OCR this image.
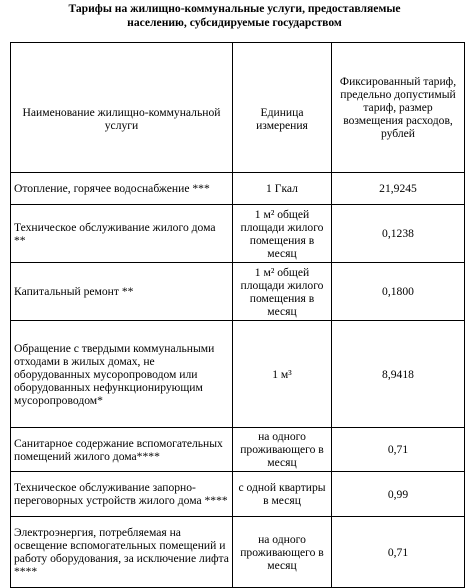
Тарифы на жилищно-коммунальные услуги, предоставляемые
населению, субсидируемые государством
Наименование жилищно-коммунальной услуги	Единица измерения	Фиксированный тариф, предельно допустимый тариф, размер возмещения расходов, рублей
Отопление, горячее водоснабжение ***	1 Гкал	21,9245
Техническое обслуживание жилого дома **	1 м² общей площади жилого помещения в месяц	0,1238
Капитальный ремонт **	1 м² общей площади жилого помещения в месяц	0,1800
Обращение с твердыми коммунальными отходами в жилых домах, не оборудованных мусоропроводом или оборудованных нефункционирующим мусоропроводом*	1 м³	8,9418
Санитарное содержание вспомогательных помещений жилого дома****	на одного проживающего в месяц	0,71
Техническое обслуживание запорно-переговорных устройств жилого дома ****	с одной квартиры в месяц	0,99
Электроэнергия, потребляемая на освещение вспомогательных помещений и работу оборудования, за исключение лифта ****	на одного проживающего в месяц	0,71
